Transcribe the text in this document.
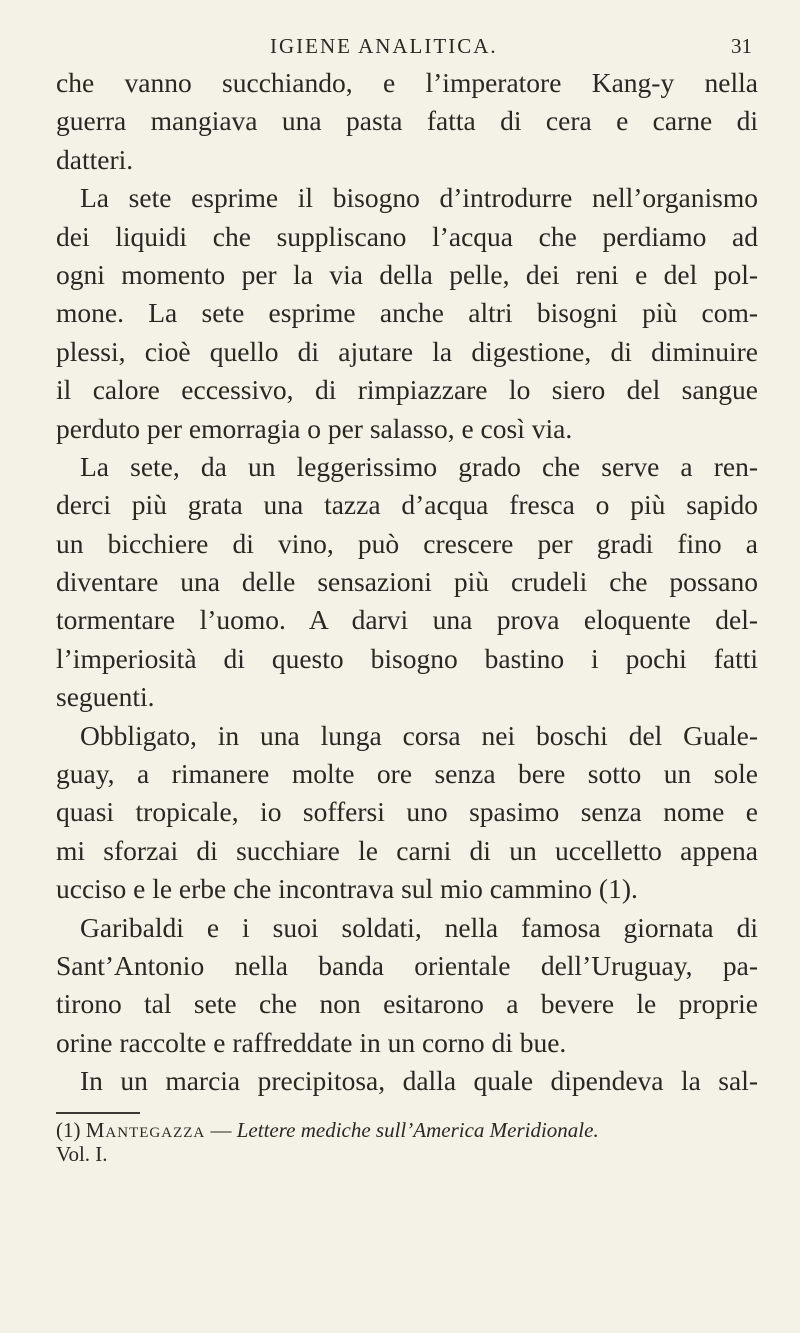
IGIENE ANALITICA.	31
che vanno succhiando, e l’imperatore Kang-y nella
guerra mangiava una pasta fatta di cera e carne di
datteri.
La sete esprime il bisogno d’introdurre nell’organismo
dei liquidi che suppliscano l’acqua che perdiamo ad
ogni momento per la via della pelle, dei reni e del pol-
mone. La sete esprime anche altri bisogni più com-
plessi, cioè quello di ajutare la digestione, di diminuire
il calore eccessivo, di rimpiazzare lo siero del sangue
perduto per emorragia o per salasso, e così via.
La sete, da un leggerissimo grado che serve a ren-
derci più grata una tazza d’acqua fresca o più sapido
un bicchiere di vino, può crescere per gradi fino a
diventare una delle sensazioni più crudeli che possano
tormentare l’uomo. A darvi una prova eloquente del-
l’imperiosità di questo bisogno bastino i pochi fatti
seguenti.
Obbligato, in una lunga corsa nei boschi del Guale-
guay, a rimanere molte ore senza bere sotto un sole
quasi tropicale, io soffersi uno spasimo senza nome e
mi sforzai di succhiare le carni di un uccelletto appena
ucciso e le erbe che incontrava sul mio cammino (1).
Garibaldi e i suoi soldati, nella famosa giornata di
Sant’Antonio nella banda orientale dell’Uruguay, pa-
tirono tal sete che non esitarono a bevere le proprie
orine raccolte e raffreddate in un corno di bue.
In un marcia precipitosa, dalla quale dipendeva la sal-
(1) Mantegazza — Lettere mediche sull’America Meridionale.
Vol. I.
